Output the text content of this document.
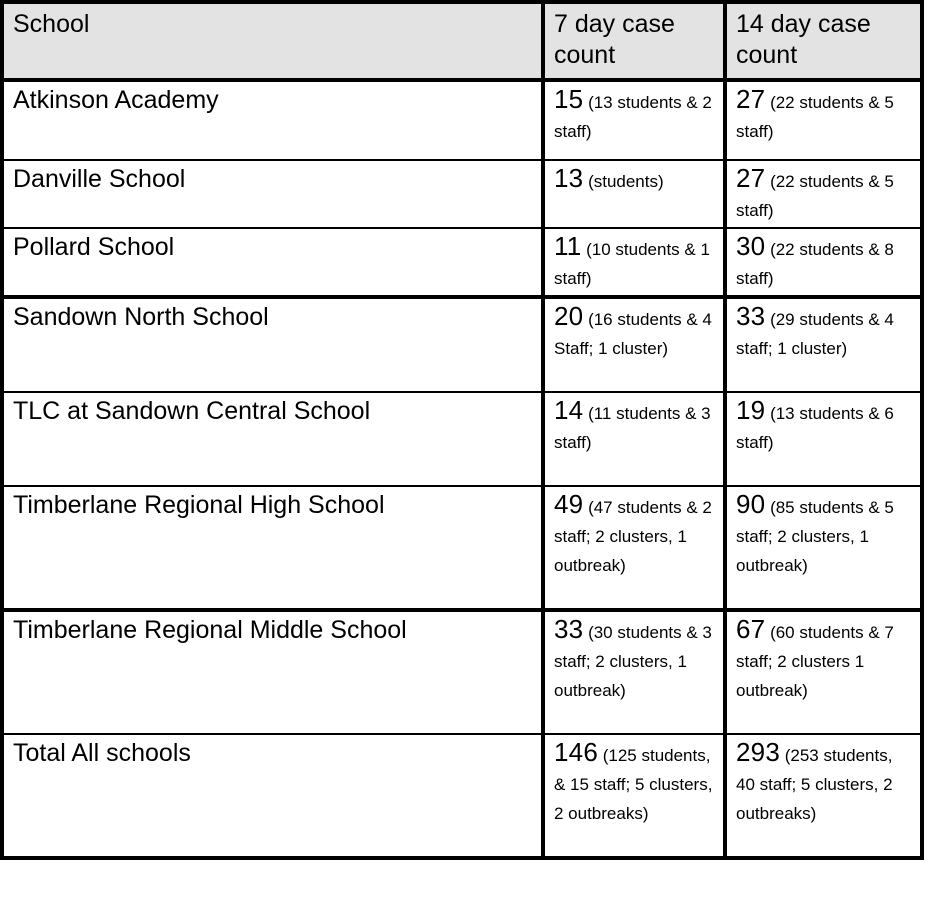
School	7 day case count	14 day case count
Atkinson Academy	15 (13 students & 2 staff)	27 (22 students & 5 staff)
Danville School	13 (students)	27 (22 students & 5 staff)
Pollard School	11 (10 students & 1 staff)	30 (22 students & 8 staff)
Sandown North School	20 (16 students & 4 Staff; 1 cluster)	33 (29 students & 4 staff; 1 cluster)
TLC at Sandown Central School	14 (11 students & 3 staff)	19 (13 students & 6 staff)
Timberlane Regional High School	49 (47 students & 2 staff; 2 clusters, 1 outbreak)	90 (85 students & 5 staff; 2 clusters, 1 outbreak)
Timberlane Regional Middle School	33 (30 students & 3 staff; 2 clusters, 1 outbreak)	67 (60 students & 7 staff; 2 clusters 1 outbreak)
Total All schools	146 (125 students, & 15 staff; 5 clusters, 2 outbreaks)	293 (253 students, 40 staff; 5 clusters, 2 outbreaks)
